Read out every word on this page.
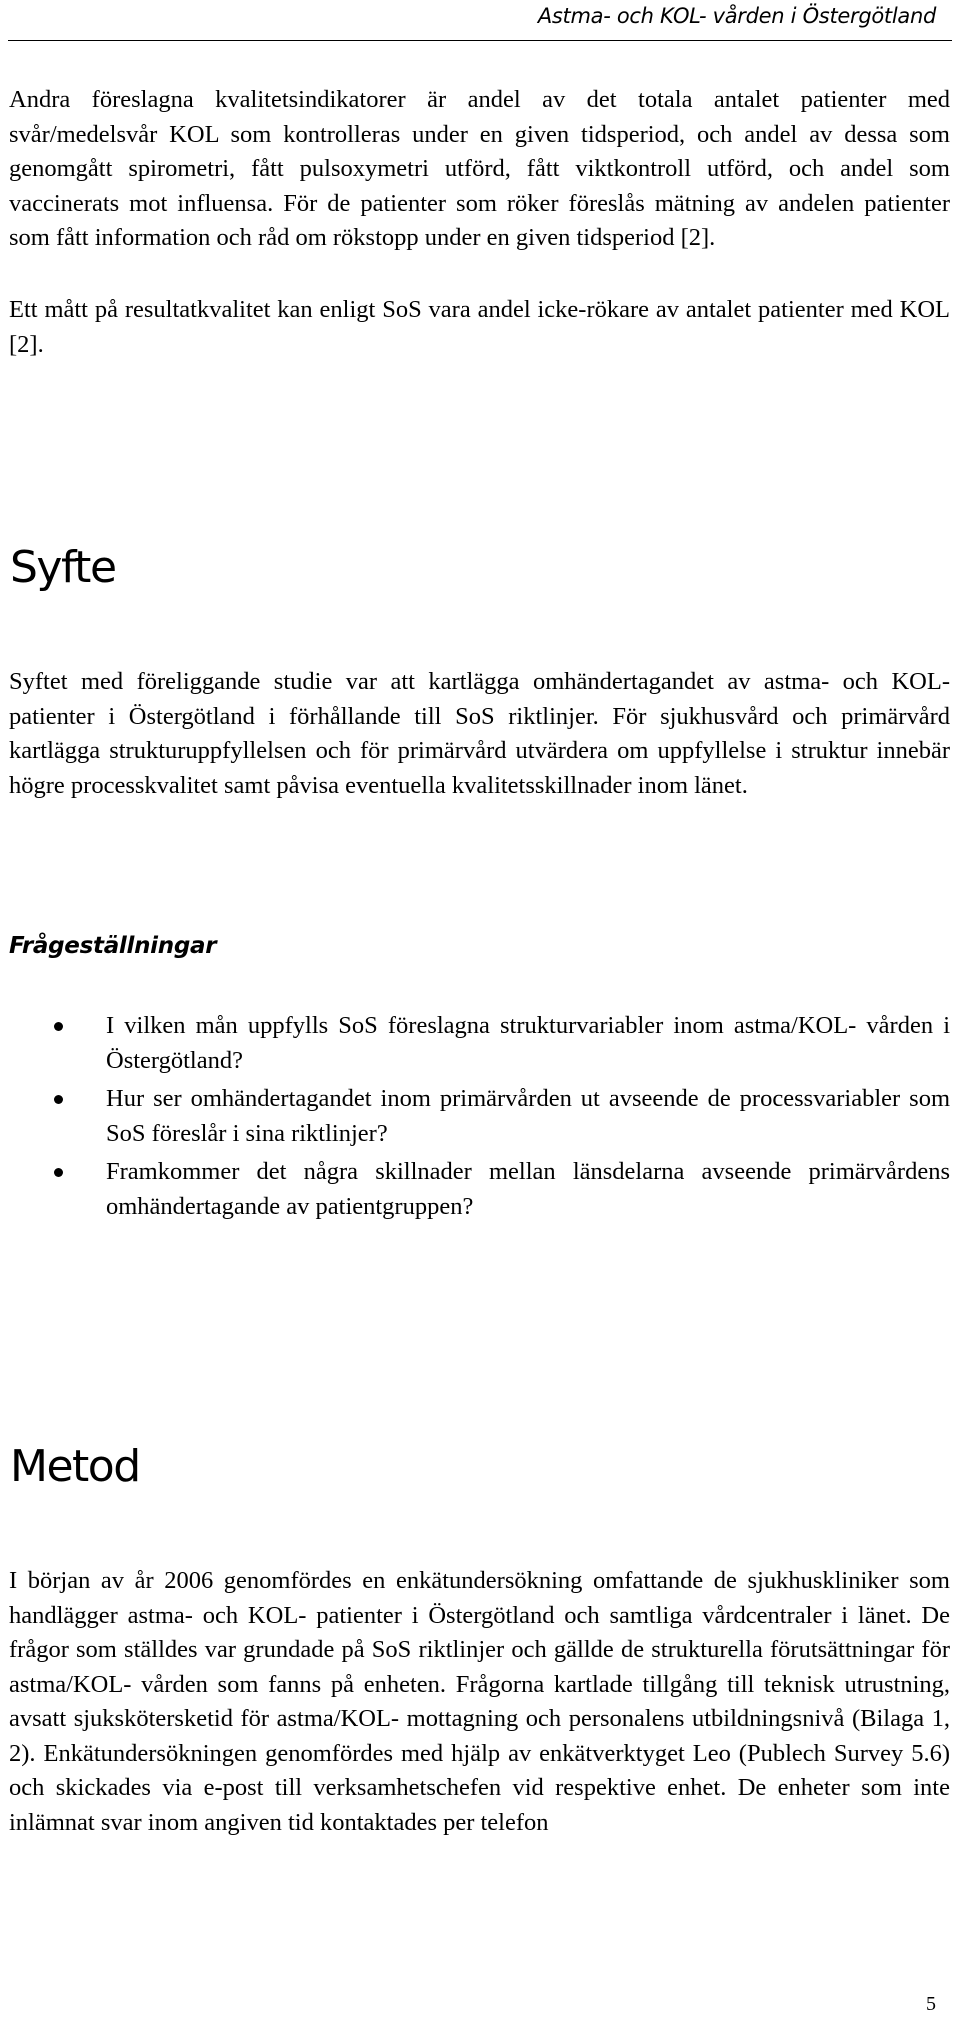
Astma- och KOL- vården i Östergötland

Andra föreslagna kvalitetsindikatorer är andel av det totala antalet patienter med svår/medelsvår KOL som kontrolleras under en given tidsperiod, och andel av dessa som genomgått spirometri, fått pulsoxymetri utförd, fått viktkontroll utförd, och andel som vaccinerats mot influensa. För de patienter som röker föreslås mätning av andelen patienter som fått information och råd om rökstopp under en given tidsperiod [2].

Ett mått på resultatkvalitet kan enligt SoS vara andel icke-rökare av antalet patienter med KOL [2].

Syfte

Syftet med föreliggande studie var att kartlägga omhändertagandet av astma- och KOL- patienter i Östergötland i förhållande till SoS riktlinjer. För sjukhusvård och primärvård kartlägga strukturuppfyllelsen och för primärvård utvärdera om uppfyllelse i struktur innebär högre processkvalitet samt påvisa eventuella kvalitetsskillnader inom länet.

Frågeställningar
I vilken mån uppfylls SoS föreslagna strukturvariabler inom astma/KOL- vården i Östergötland?
Hur ser omhändertagandet inom primärvården ut avseende de processvariabler som SoS föreslår i sina riktlinjer?
Framkommer det några skillnader mellan länsdelarna avseende primärvårdens omhändertagande av patientgruppen?
Metod

I början av år 2006 genomfördes en enkätundersökning omfattande de sjukhuskliniker som handlägger astma- och KOL- patienter i Östergötland och samtliga vårdcentraler i länet. De frågor som ställdes var grundade på SoS riktlinjer och gällde de strukturella förutsättningar för astma/KOL- vården som fanns på enheten. Frågorna kartlade tillgång till teknisk utrustning, avsatt sjukskötersketid för astma/KOL- mottagning och personalens utbildningsnivå (Bilaga 1, 2). Enkätundersökningen genomfördes med hjälp av enkätverktyget Leo (Publech Survey 5.6) och skickades via e-post till verksamhetschefen vid respektive enhet. De enheter som inte inlämnat svar inom angiven tid kontaktades per telefon

5
